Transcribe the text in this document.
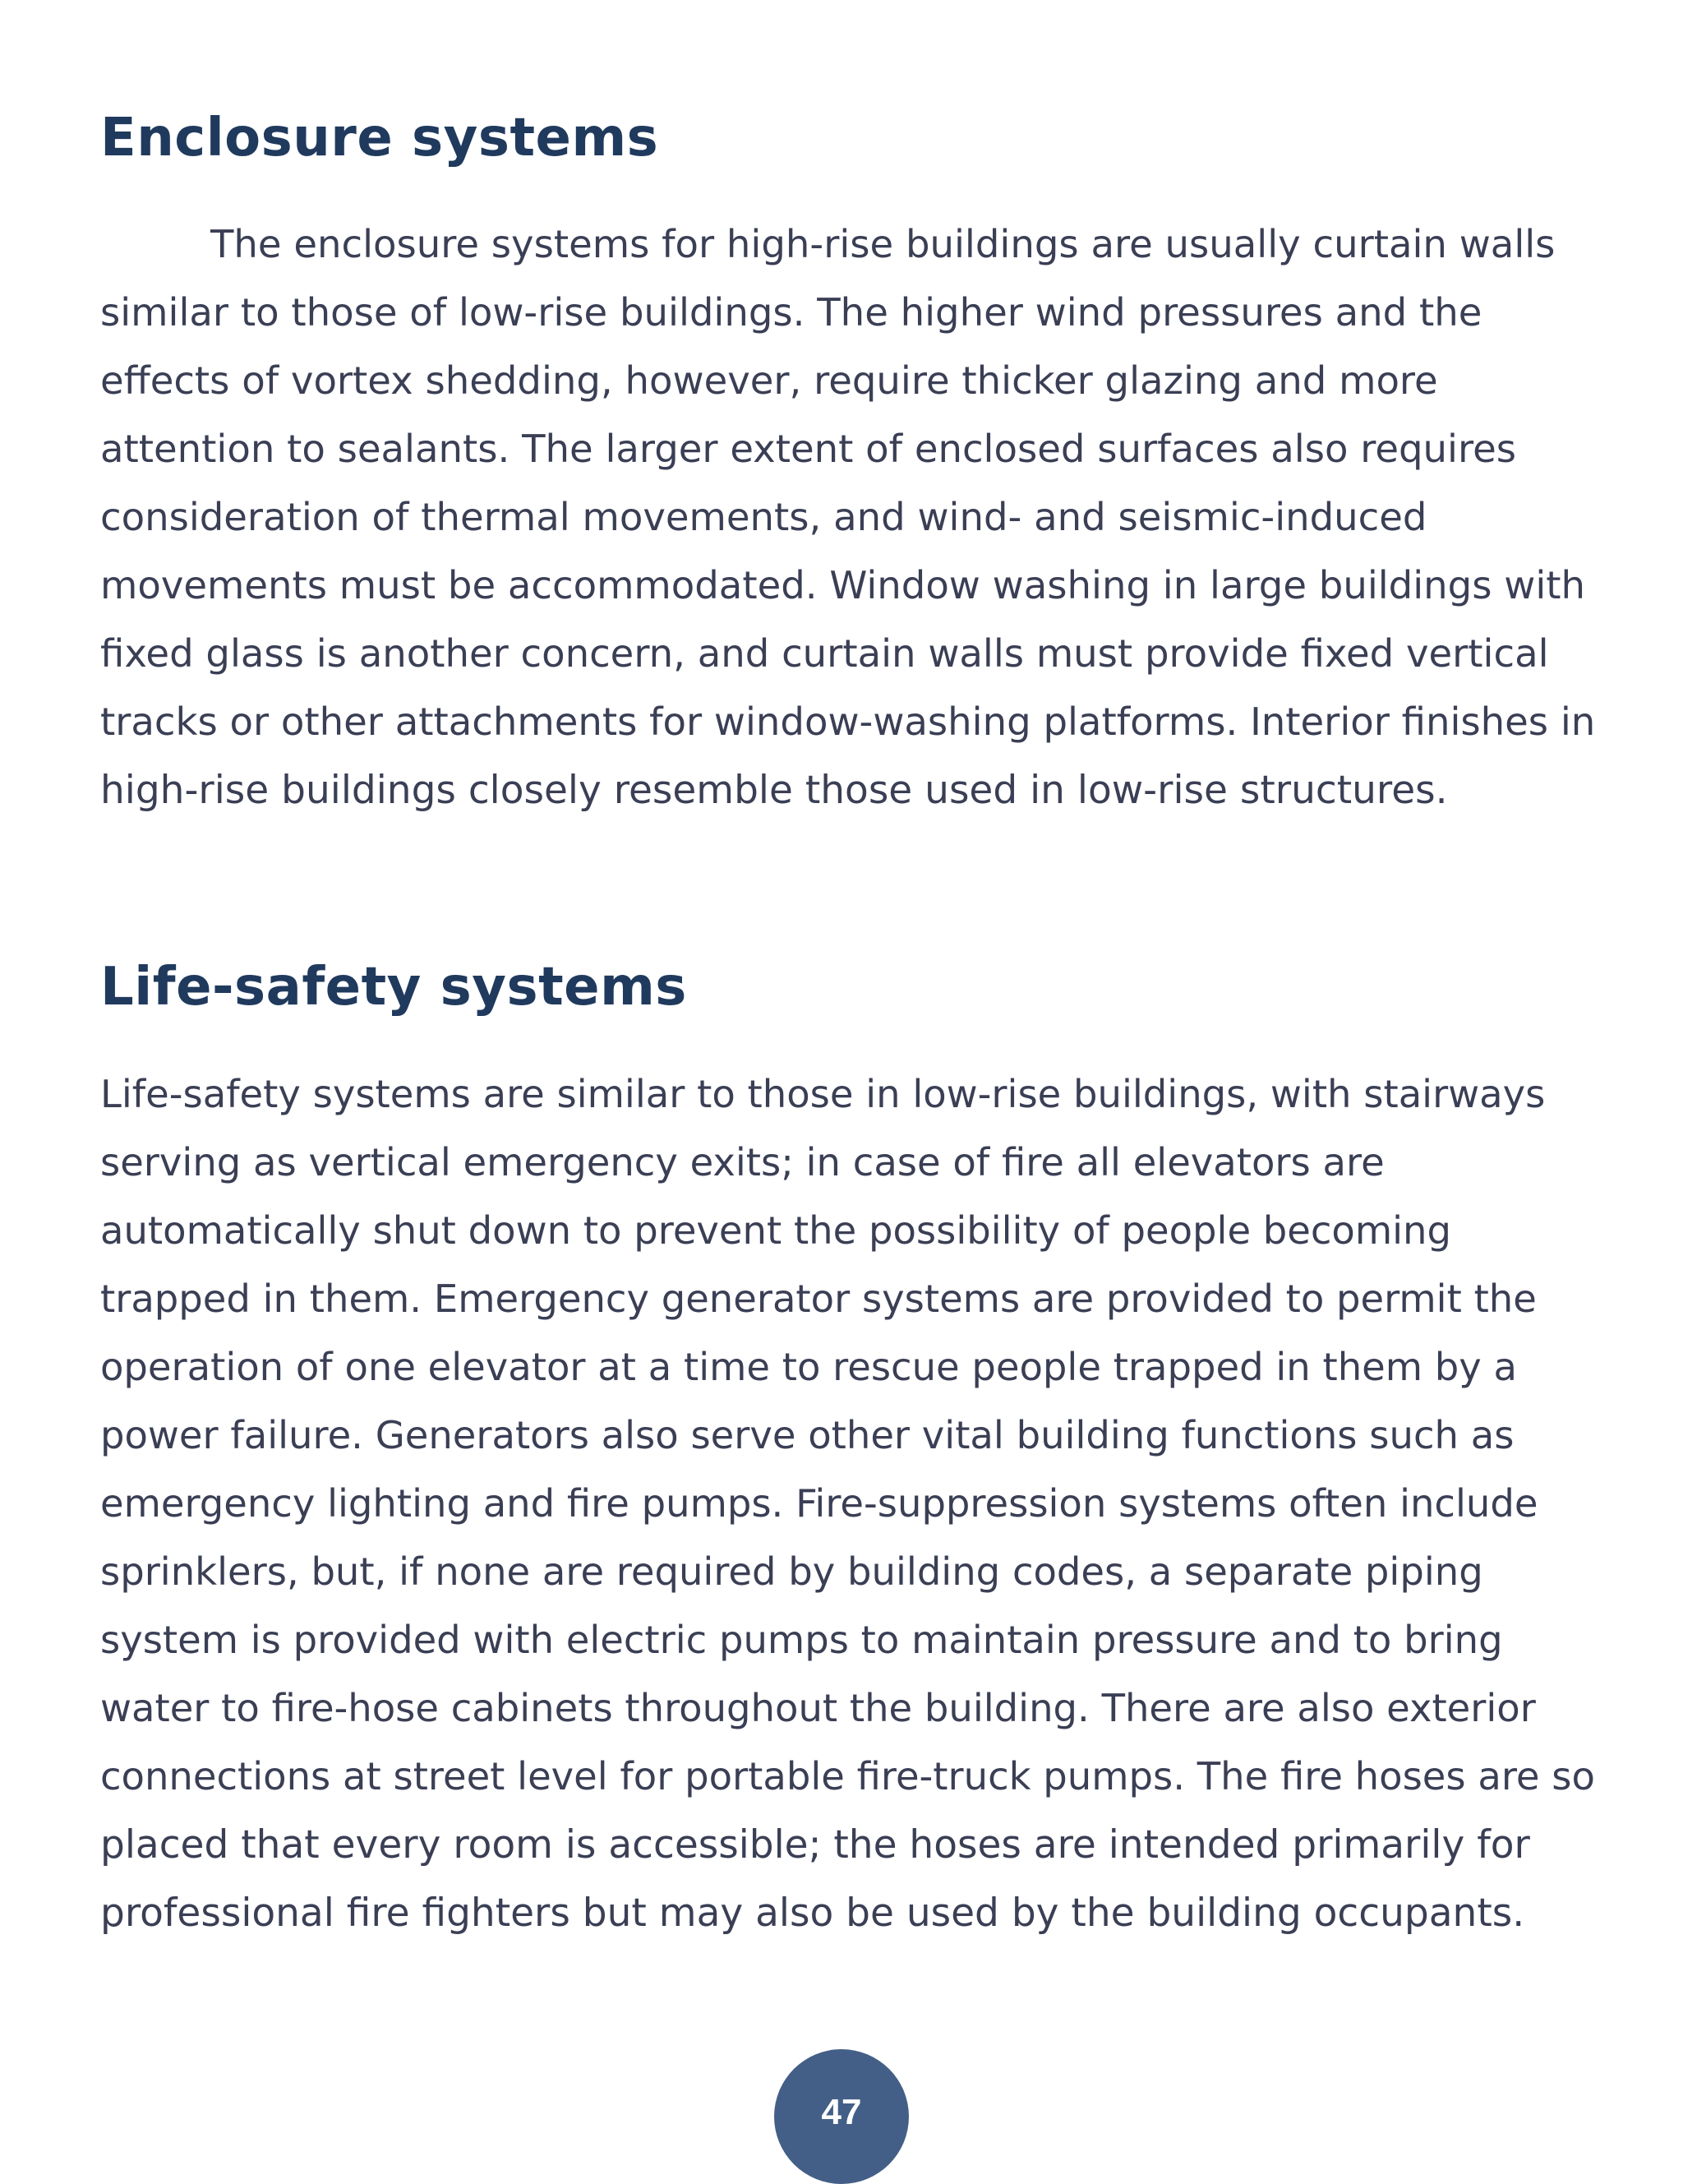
Enclosure systems

The enclosure systems for high-rise buildings are usually curtain walls
similar to those of low-rise buildings. The higher wind pressures and the
effects of vortex shedding, however, require thicker glazing and more
attention to sealants. The larger extent of enclosed surfaces also requires
consideration of thermal movements, and wind- and seismic-induced
movements must be accommodated. Window washing in large buildings with
fixed glass is another concern, and curtain walls must provide fixed vertical
tracks or other attachments for window-washing platforms. Interior finishes in
high-rise buildings closely resemble those used in low-rise structures.

Life-safety systems

Life-safety systems are similar to those in low-rise buildings, with stairways
serving as vertical emergency exits; in case of fire all elevators are
automatically shut down to prevent the possibility of people becoming
trapped in them. Emergency generator systems are provided to permit the
operation of one elevator at a time to rescue people trapped in them by a
power failure. Generators also serve other vital building functions such as
emergency lighting and fire pumps. Fire-suppression systems often include
sprinklers, but, if none are required by building codes, a separate piping
system is provided with electric pumps to maintain pressure and to bring
water to fire-hose cabinets throughout the building. There are also exterior
connections at street level for portable fire-truck pumps. The fire hoses are so
placed that every room is accessible; the hoses are intended primarily for
professional fire fighters but may also be used by the building occupants.

47
